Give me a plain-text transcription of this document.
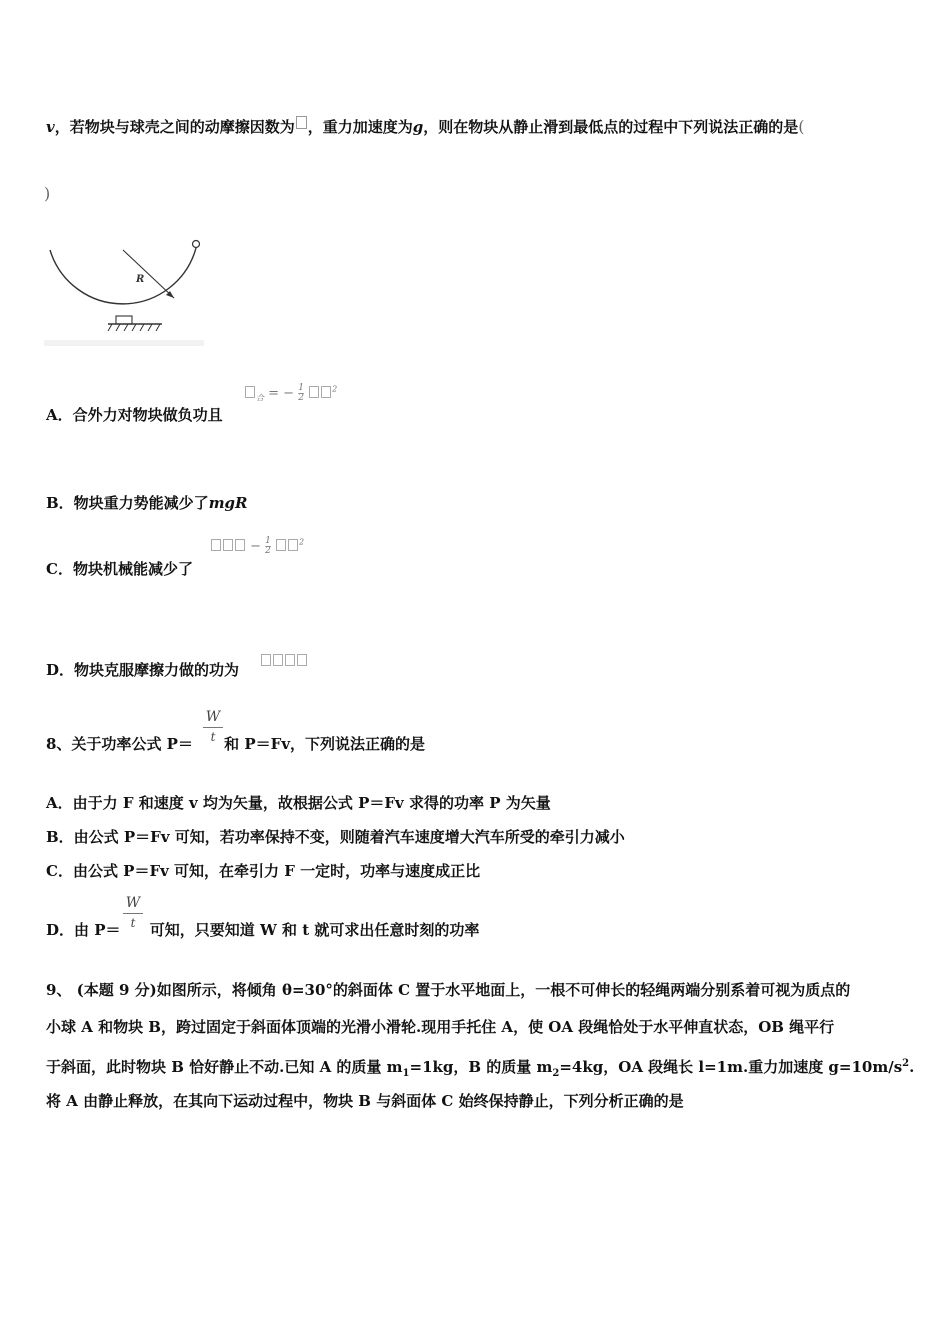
v，若物块与球壳之间的动摩擦因数为 ，重力加速度为g，则在物块从静止滑到最低点的过程中下列说法正确的是(
)
R
A．合外力对物块做负功且
$_合$ = − $\frac{1}{2}$	$^2$
B．物块重力势能减少了mgR
C．物块机械能减少了
− $\frac{1}{2}$	$^2$
D．物块克服摩擦力做的功为
8、关于功率公式 P＝ 和 P＝Fv，下列说法正确的是
W
t
A．由于力 F 和速度 v 均为矢量，故根据公式 P＝Fv 求得的功率 P 为矢量
B．由公式 P＝Fv 可知，若功率保持不变，则随着汽车速度增大汽车所受的牵引力减小
C．由公式 P＝Fv 可知，在牵引力 F 一定时，功率与速度成正比
D．由 P＝ 可知，只要知道 W 和 t 就可求出任意时刻的功率
W
t
9、 (本题 9 分)如图所示，将倾角 θ=30°的斜面体 C 置于水平地面上，一根不可伸长的轻绳两端分别系着可视为质点的
小球 A 和物块 B，跨过固定于斜面体顶端的光滑小滑轮.现用手托住 A，使 OA 段绳恰处于水平伸直状态，OB 绳平行
于斜面，此时物块 B 恰好静止不动.已知 A 的质量 $m_1=1kg$，B 的质量 $m_2=4kg$，OA 段绳长 l=1m.重力加速度 $g=10m/s^2$.
将 A 由静止释放，在其向下运动过程中，物块 B 与斜面体 C 始终保持静止，下列分析正确的是
